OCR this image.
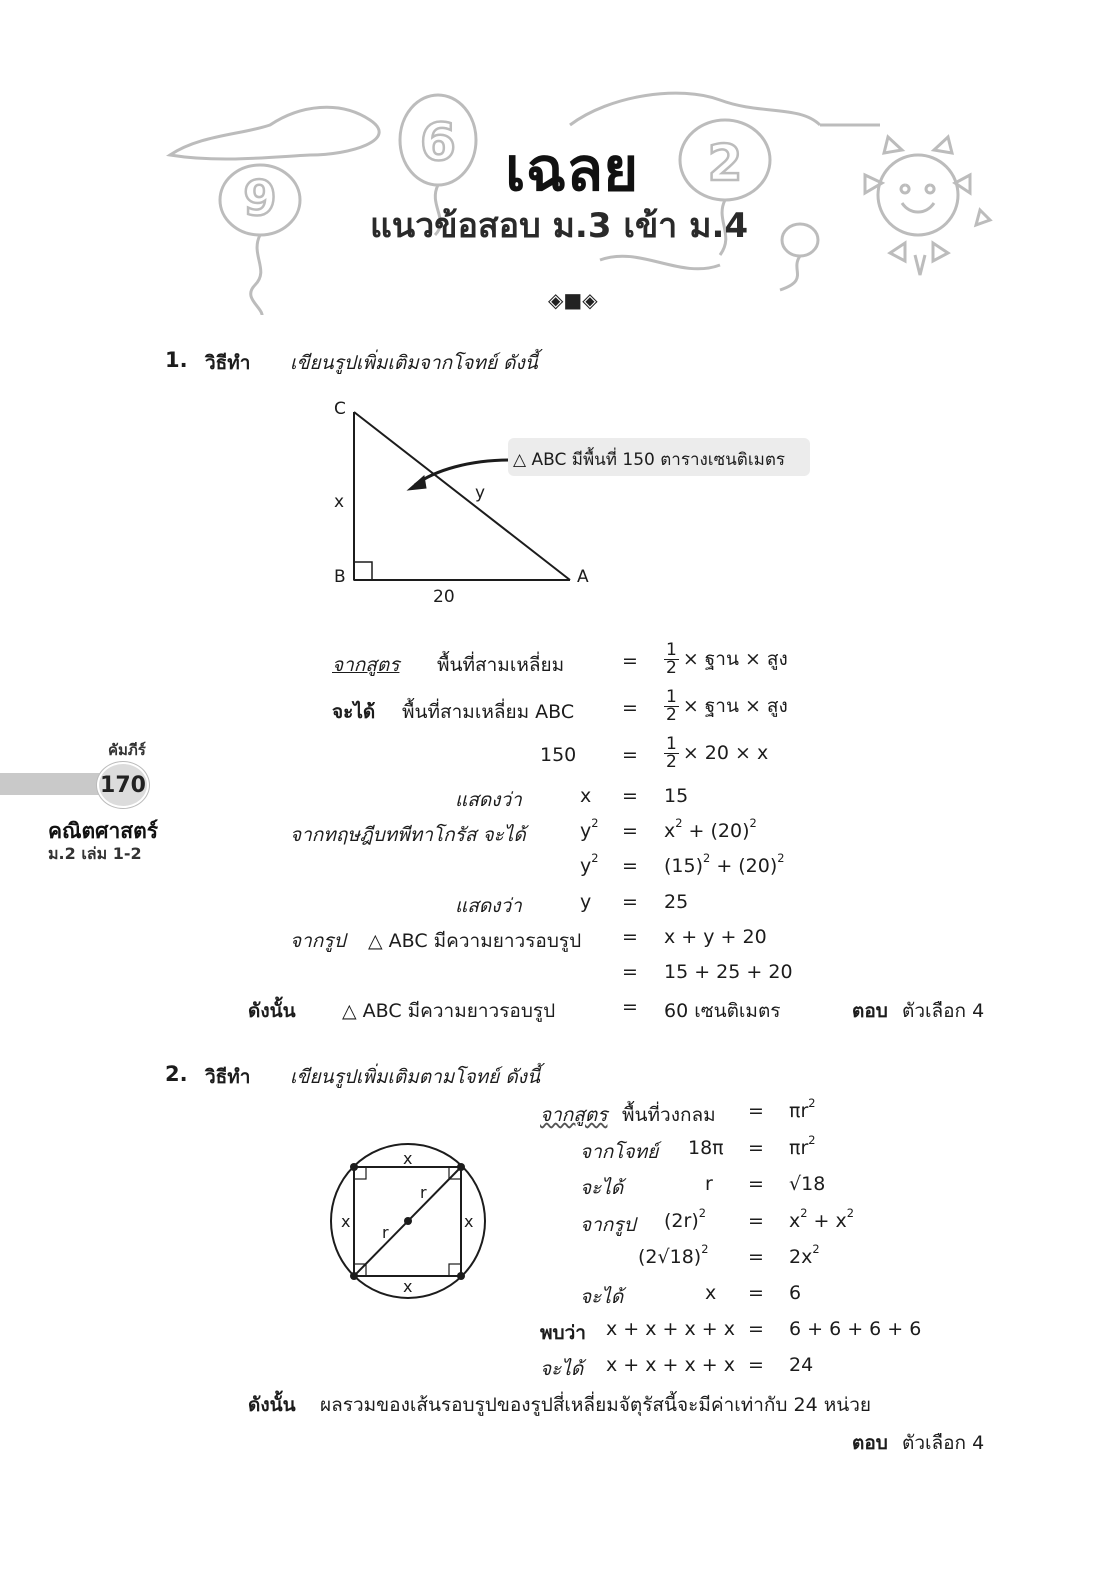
9
6	2
เฉลย
แนวข้อสอบ ม.3 เข้า ม.4
◈■◈
คัมภีร์
170
คณิตศาสตร์
ม.2 เล่ม 1-2
1. วิธีทำ เขียนรูปเพิ่มเติมจากโจทย์ ดังนี้
C
B	A
x	y
20
△ ABC มีพื้นที่ 150 ตารางเซนติเมตร
จากสูตร พื้นที่สามเหลี่ยม	= $\frac{1}{2}$ × ฐาน × สูง
จะได้ พื้นที่สามเหลี่ยม ABC	= $\frac{1}{2}$ × ฐาน × สูง
$150 = \frac{1}{2} \times 20 \times x$
แสดงว่า	x = 15
จากทฤษฎีบทพีทาโกรัส จะได้	$y^2 = x^2 + (20)^2$
$y^2 = (15)^2 + (20)^2$
แสดงว่า	y = 25
จากรูป △ ABC มีความยาวรอบรูป = x + y + 20
= 15 + 25 + 20
ดังนั้น △ ABC มีความยาวรอบรูป	= 60 เซนติเมตร	ตอบ ตัวเลือก 4
2. วิธีทำ เขียนรูปเพิ่มเติมตามโจทย์ ดังนี้
x
x
x	x
r
r
จากสูตร พื้นที่วงกลม = $\pi r^2$
จากโจทย์ $18\pi = \pi r^2$
จะได้	r = √18
จากรูป $(2r)^2 = x^2 + x^2$
$(2√18)^2 = 2x^2$
จะได้	x = 6
พบว่า x + x + x + x = 6 + 6 + 6 + 6
จะได้ x + x + x + x = 24
ดังนั้น ผลรวมของเส้นรอบรูปของรูปสี่เหลี่ยมจัตุรัสนี้จะมีค่าเท่ากับ 24 หน่วย
ตอบ ตัวเลือก 4
